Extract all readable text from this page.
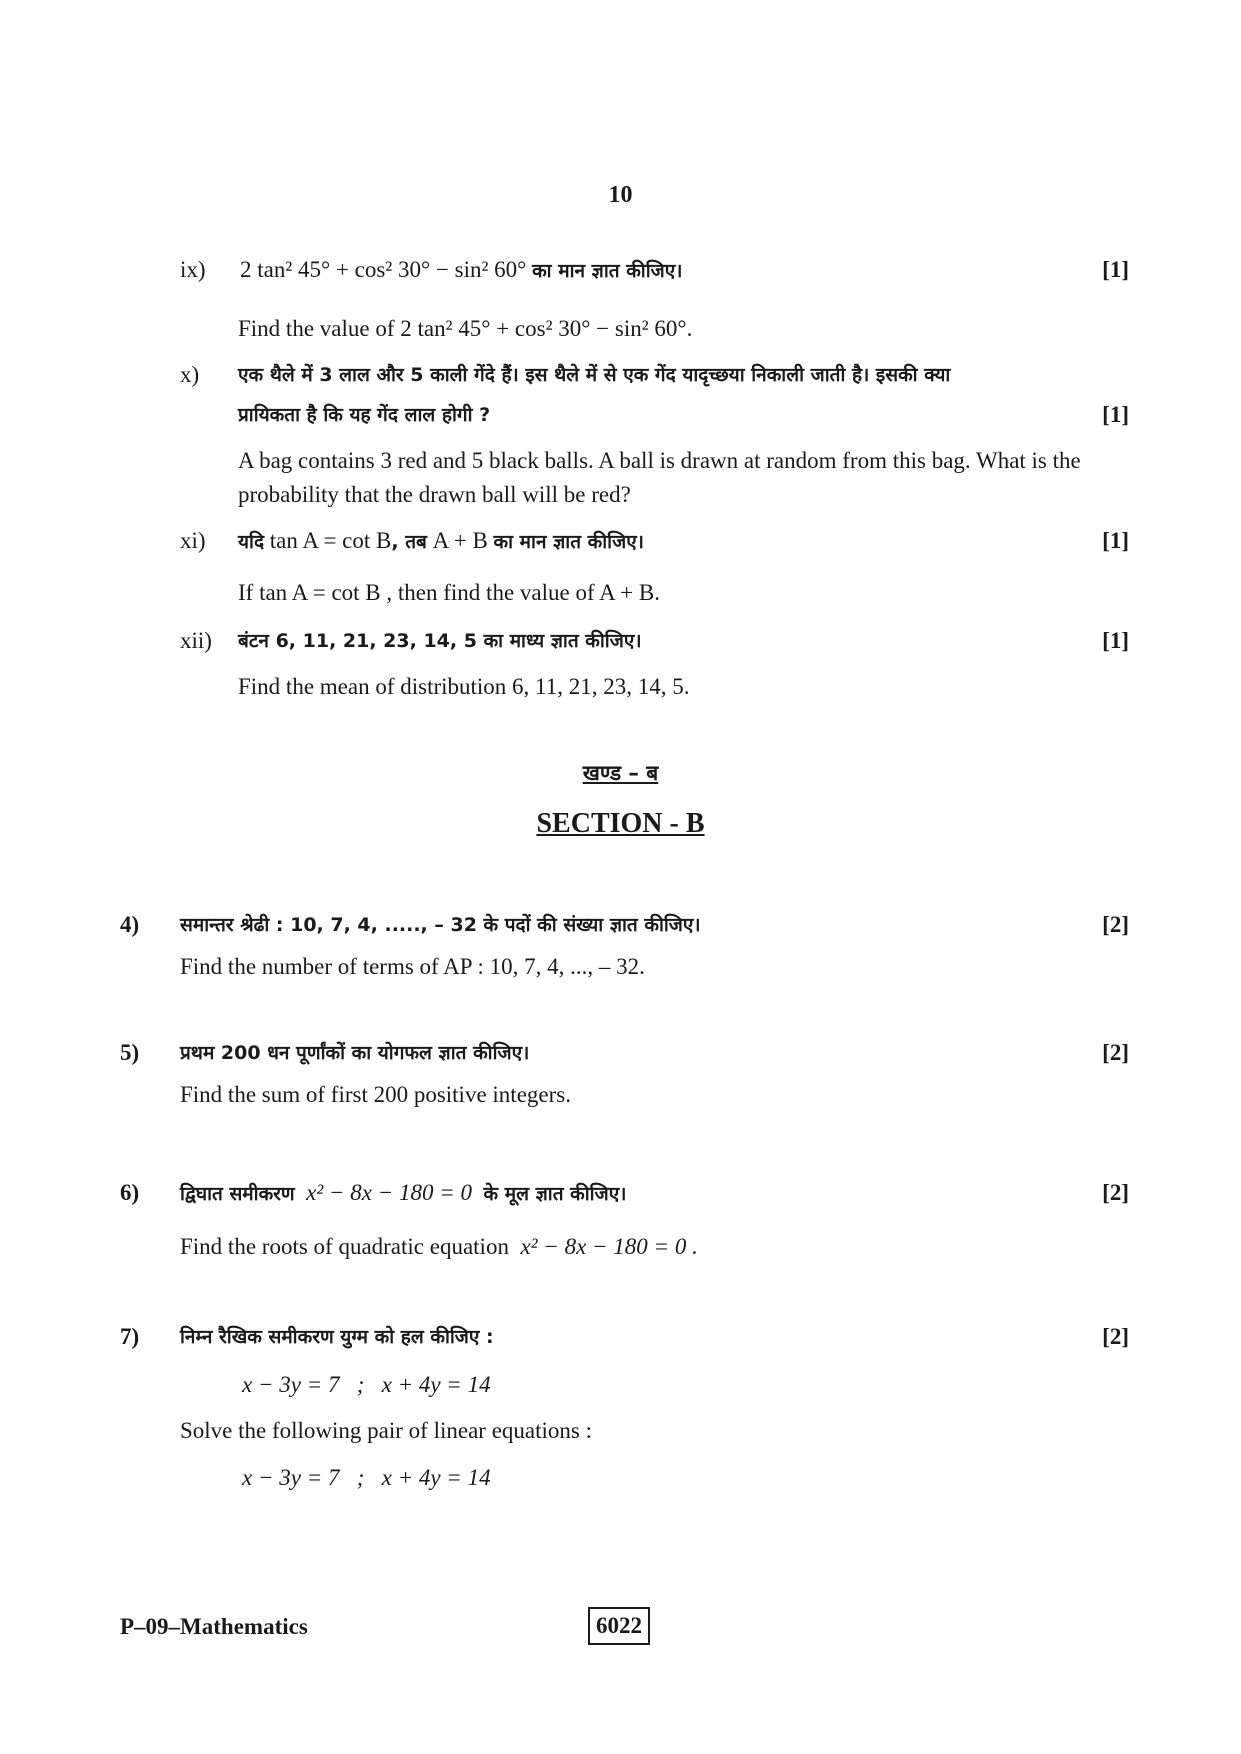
10
ix) 2 tan² 45° + cos² 30° − sin² 60° का मान ज्ञात कीजिए।	[1]
Find the value of 2 tan² 45° + cos² 30° − sin² 60°.
x) एक थैले में 3 लाल और 5 काली गेंदे हैं। इस थैले में से एक गेंद यादृच्छया निकाली जाती है। इसकी क्या
प्रायिकता है कि यह गेंद लाल होगी ?	[1]
A bag contains 3 red and 5 black balls. A ball is drawn at random from this bag. What is the probability that the drawn ball will be red?
xi) यदि tan A = cot B, तब A + B का मान ज्ञात कीजिए।	[1]
If tan A = cot B , then find the value of A + B.
xii) बंटन 6, 11, 21, 23, 14, 5 का माध्य ज्ञात कीजिए।	[1]
Find the mean of distribution 6, 11, 21, 23, 14, 5.
खण्ड – ब
SECTION - B
4) समान्तर श्रेढी : 10, 7, 4, ....., – 32 के पदों की संख्या ज्ञात कीजिए।	[2]
Find the number of terms of AP : 10, 7, 4, ..., – 32.
5) प्रथम 200 धन पूर्णांकों का योगफल ज्ञात कीजिए।	[2]
Find the sum of first 200 positive integers.
6) द्विघात समीकरण x² − 8x − 180 = 0 के मूल ज्ञात कीजिए।	[2]
Find the roots of quadratic equation x² − 8x − 180 = 0 .
7) निम्न रैखिक समीकरण युग्म को हल कीजिए :	[2]
x − 3y = 7   ;   x + 4y = 14
Solve the following pair of linear equations :
x − 3y = 7   ;   x + 4y = 14
P–09–Mathematics	6022
